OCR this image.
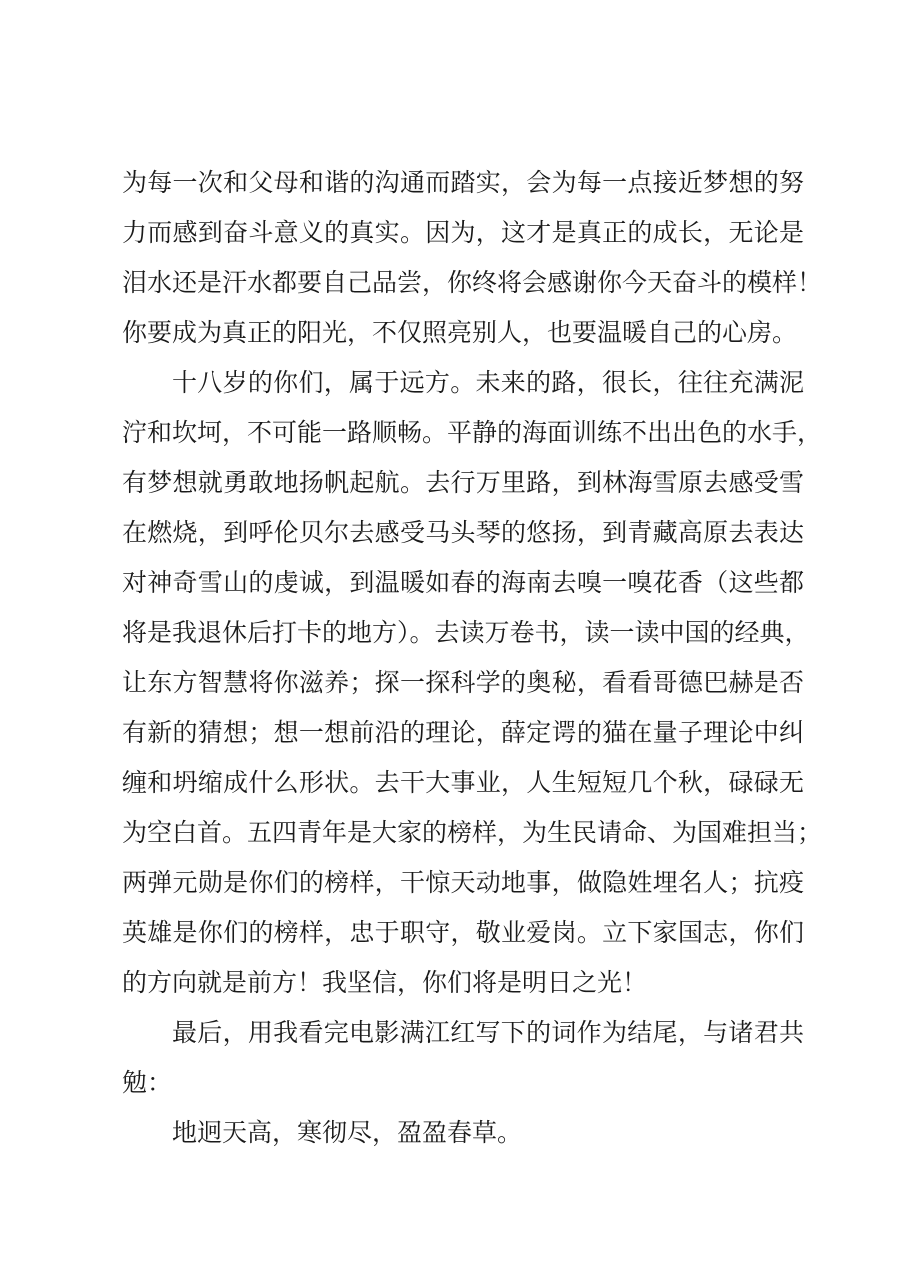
为每一次和父母和谐的沟通而踏实，会为每一点接近梦想的努
力而感到奋斗意义的真实。因为，这才是真正的成长，无论是
泪水还是汗水都要自己品尝，你终将会感谢你今天奋斗的模样！
你要成为真正的阳光，不仅照亮别人，也要温暖自己的心房。
十八岁的你们，属于远方。未来的路，很长，往往充满泥
泞和坎坷，不可能一路顺畅。平静的海面训练不出出色的水手，
有梦想就勇敢地扬帆起航。去行万里路，到林海雪原去感受雪
在燃烧，到呼伦贝尔去感受马头琴的悠扬，到青藏高原去表达
对神奇雪山的虔诚，到温暖如春的海南去嗅一嗅花香（这些都
将是我退休后打卡的地方）。去读万卷书，读一读中国的经典，
让东方智慧将你滋养；探一探科学的奥秘，看看哥德巴赫是否
有新的猜想；想一想前沿的理论，薛定谔的猫在量子理论中纠
缠和坍缩成什么形状。去干大事业，人生短短几个秋，碌碌无
为空白首。五四青年是大家的榜样，为生民请命、为国难担当；
两弹元勋是你们的榜样，干惊天动地事，做隐姓埋名人；抗疫
英雄是你们的榜样，忠于职守，敬业爱岗。立下家国志，你们
的方向就是前方！我坚信，你们将是明日之光！
最后，用我看完电影满江红写下的词作为结尾，与诸君共
勉：
地迥天高，寒彻尽，盈盈春草。
